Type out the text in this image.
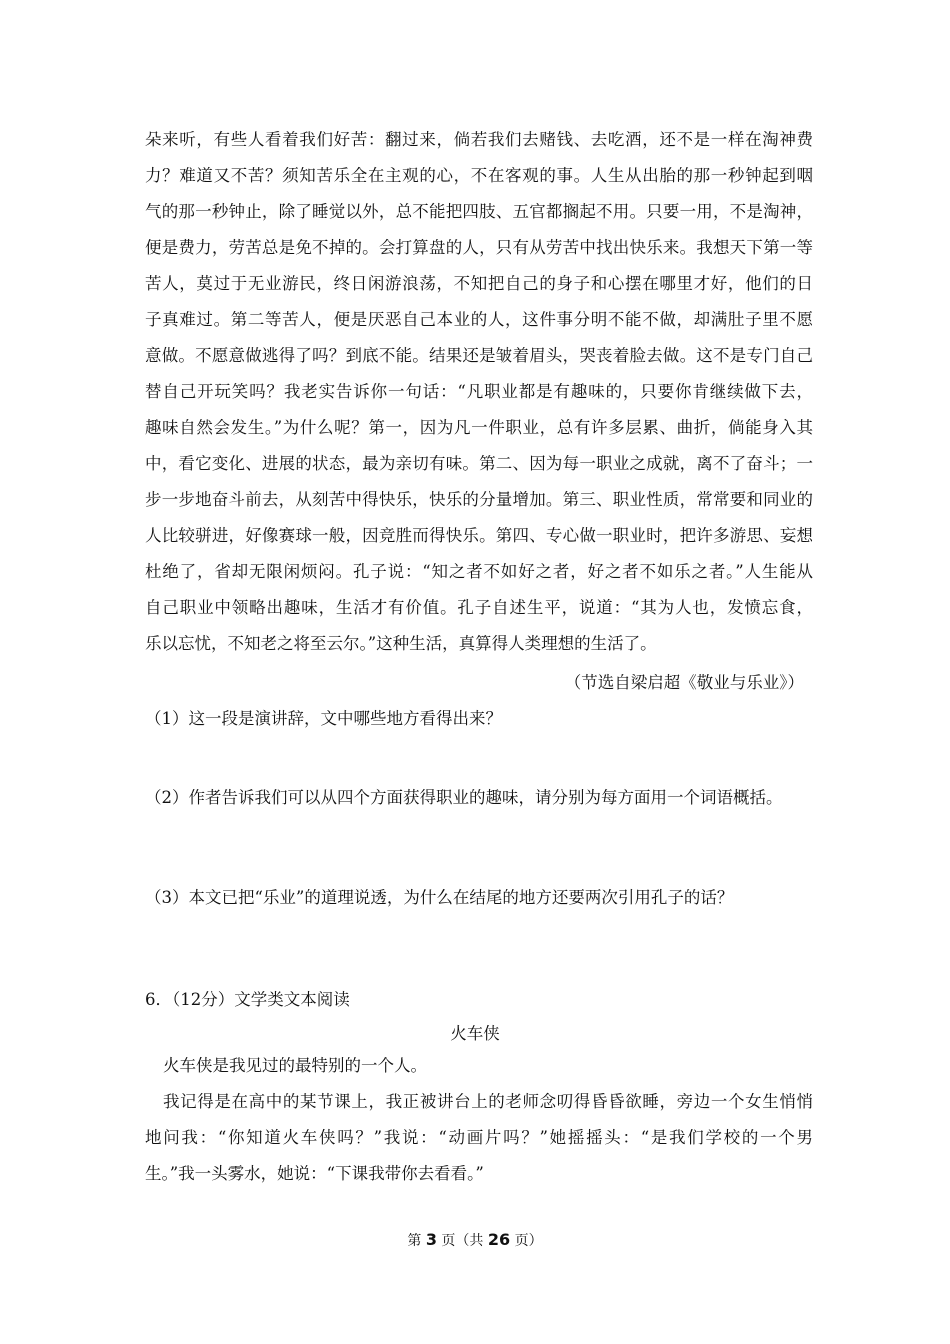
朵来听，有些人看着我们好苦：翻过来，倘若我们去赌钱、去吃酒，还不是一样在淘神费
力？难道又不苦？须知苦乐全在主观的心，不在客观的事。人生从出胎的那一秒钟起到咽
气的那一秒钟止，除了睡觉以外，总不能把四肢、五官都搁起不用。只要一用，不是淘神，
便是费力，劳苦总是免不掉的。会打算盘的人，只有从劳苦中找出快乐来。我想天下第一等
苦人，莫过于无业游民，终日闲游浪荡，不知把自己的身子和心摆在哪里才好，他们的日
子真难过。第二等苦人，便是厌恶自己本业的人，这件事分明不能不做，却满肚子里不愿
意做。不愿意做逃得了吗？到底不能。结果还是皱着眉头，哭丧着脸去做。这不是专门自己
替自己开玩笑吗？我老实告诉你一句话：“凡职业都是有趣味的，只要你肯继续做下去，
趣味自然会发生。”为什么呢？第一，因为凡一件职业，总有许多层累、曲折，倘能身入其
中，看它变化、进展的状态，最为亲切有味。第二、因为每一职业之成就，离不了奋斗；一
步一步地奋斗前去，从刻苦中得快乐，快乐的分量增加。第三、职业性质，常常要和同业的
人比较骈进，好像赛球一般，因竞胜而得快乐。第四、专心做一职业时，把许多游思、妄想
杜绝了，省却无限闲烦闷。孔子说：“知之者不如好之者，好之者不如乐之者。”人生能从
自己职业中领略出趣味，生活才有价值。孔子自述生平，说道：“其为人也，发愤忘食，
乐以忘忧，不知老之将至云尔。”这种生活，真算得人类理想的生活了。
（节选自梁启超《敬业与乐业》）
（1）这一段是演讲辞，文中哪些地方看得出来？
（2）作者告诉我们可以从四个方面获得职业的趣味，请分别为每方面用一个词语概括。
（3）本文已把“乐业”的道理说透，为什么在结尾的地方还要两次引用孔子的话？
6．（12分）文学类文本阅读
火车侠
火车侠是我见过的最特别的一个人。
我记得是在高中的某节课上，我正被讲台上的老师念叨得昏昏欲睡，旁边一个女生悄悄
地问我：“你知道火车侠吗？”我说：“动画片吗？”她摇摇头：“是我们学校的一个男
生。”我一头雾水，她说：“下课我带你去看看。”
第 3 页（共 26 页）
